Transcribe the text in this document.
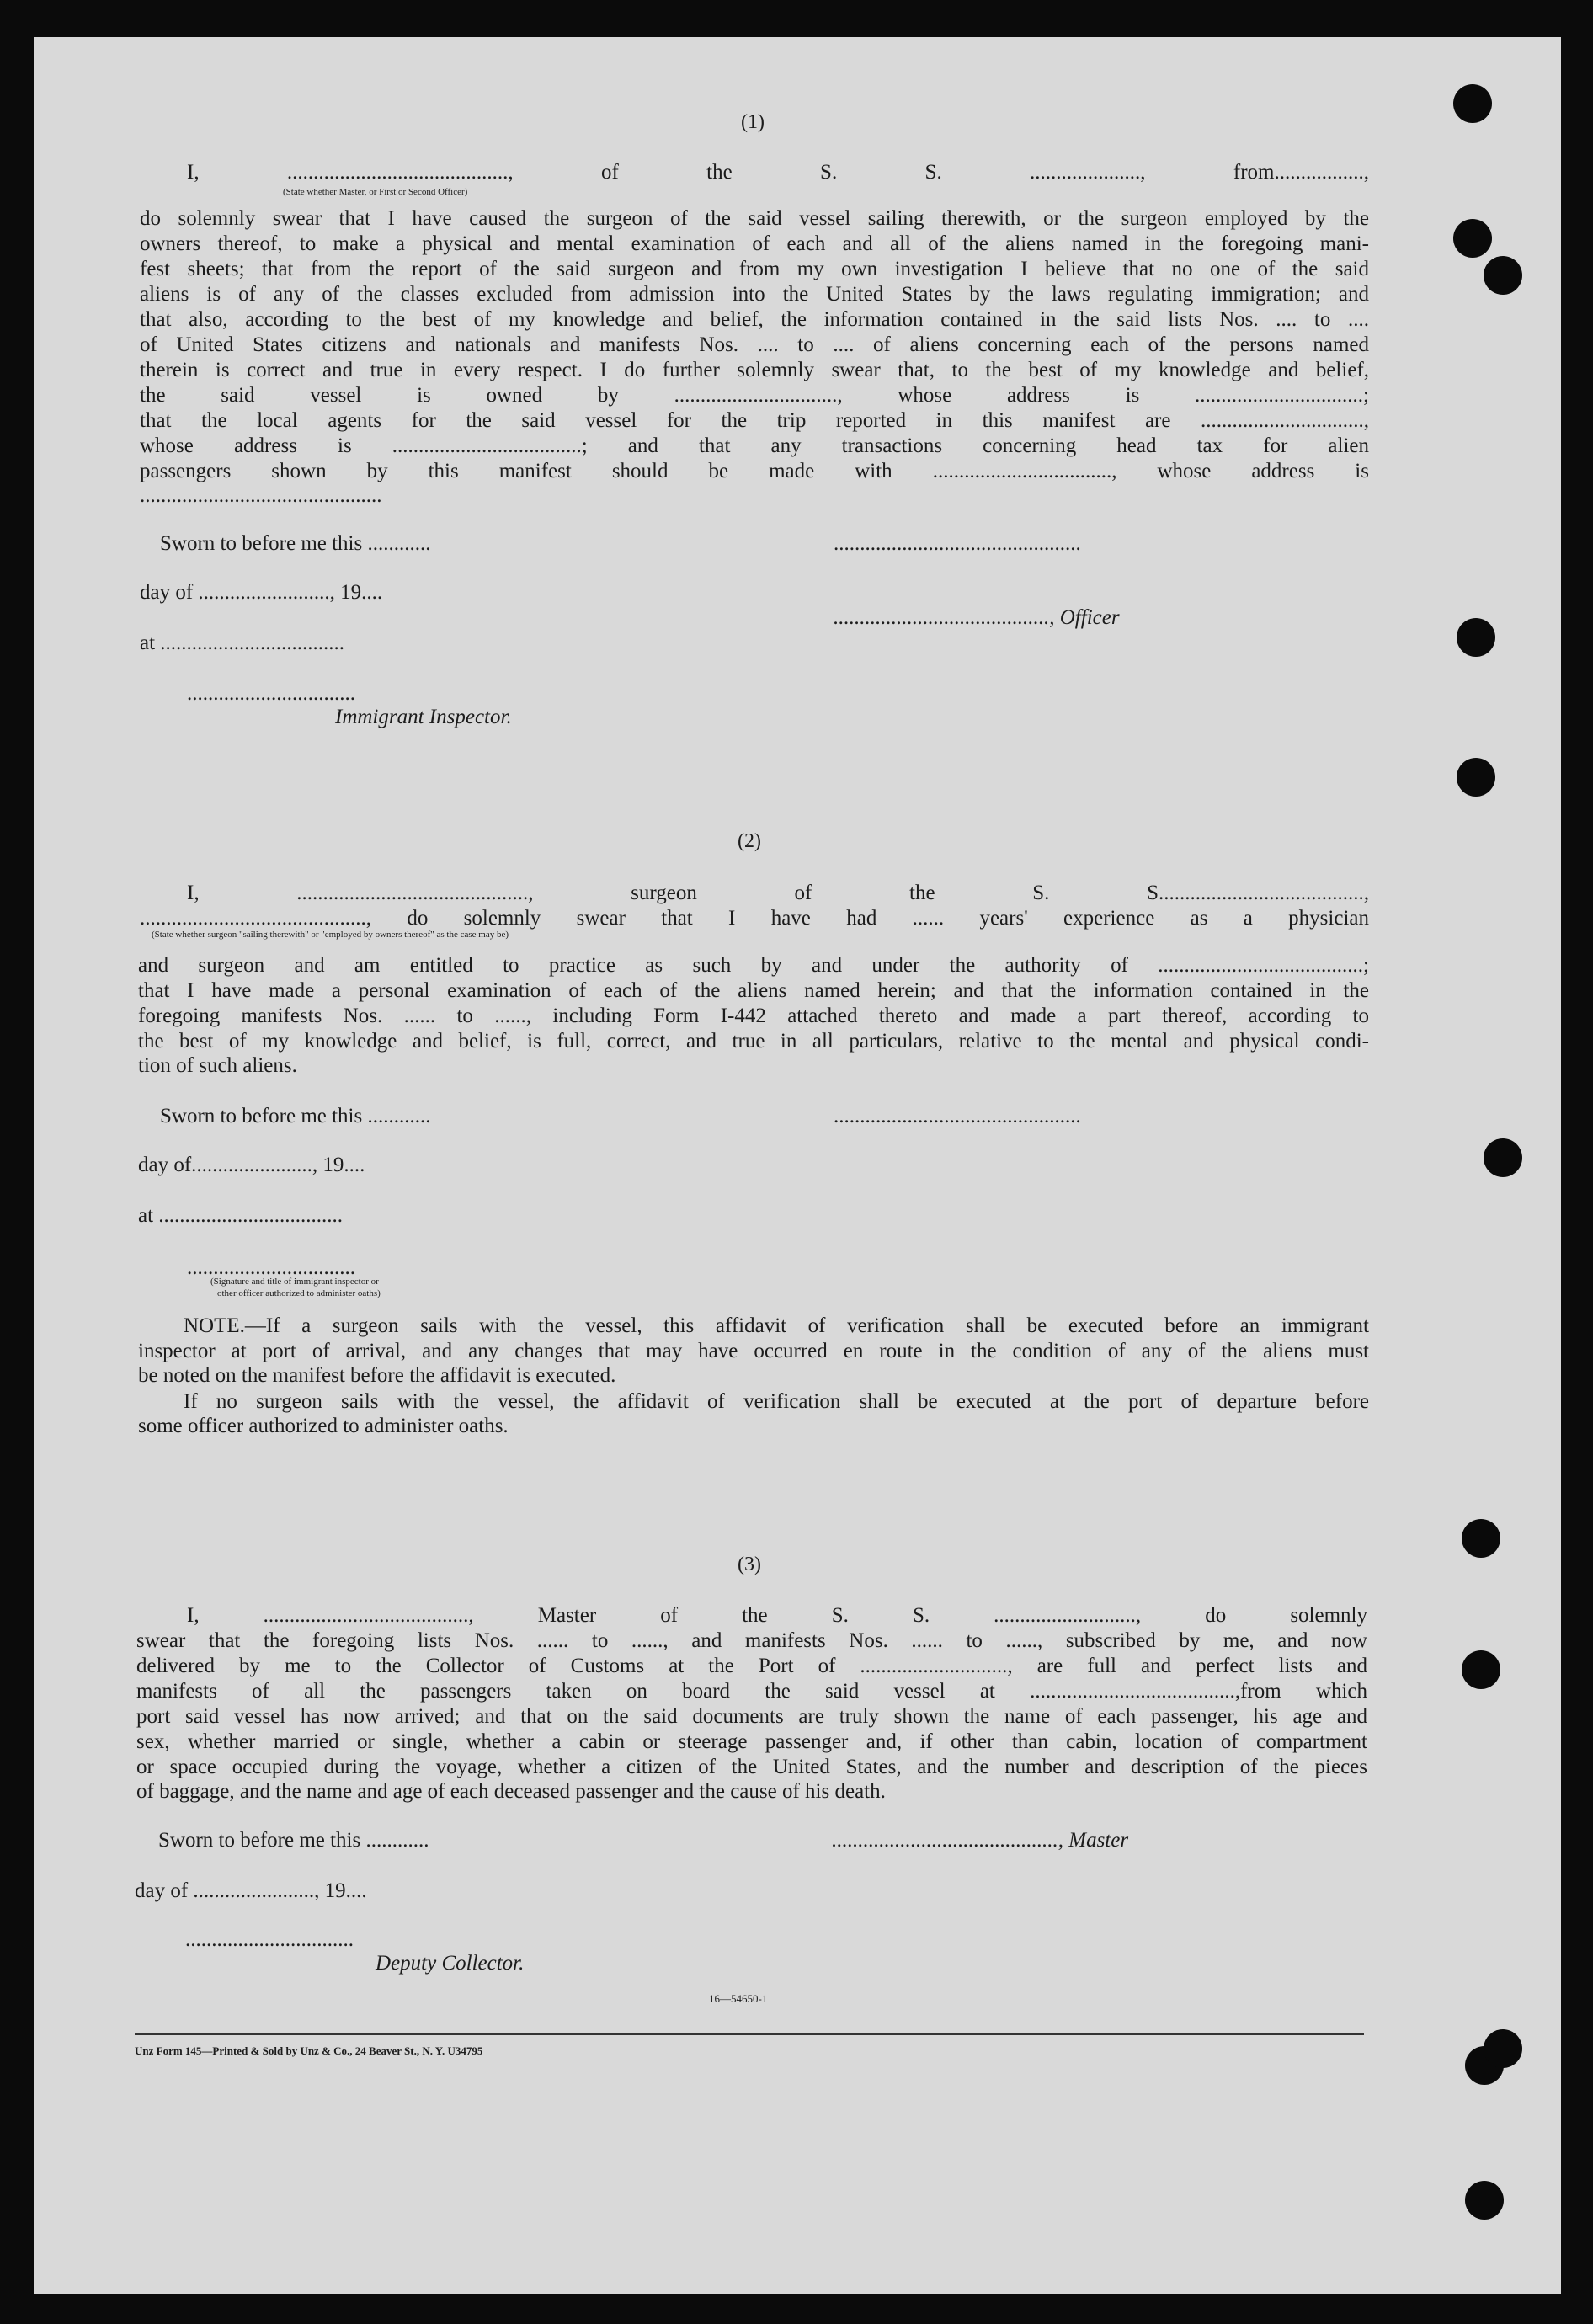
(1)
I, .........................................., of the S. S. ....................., from.................,
(State whether Master, or First or Second Officer)
do solemnly swear that I have caused the surgeon of the said vessel sailing therewith, or the surgeon employed by the
owners thereof, to make a physical and mental examination of each and all of the aliens named in the foregoing mani-
fest sheets; that from the report of the said surgeon and from my own investigation I believe that no one of the said
aliens is of any of the classes excluded from admission into the United States by the laws regulating immigration; and
that also, according to the best of my knowledge and belief, the information contained in the said lists Nos. .... to ....
of United States citizens and nationals and manifests Nos. .... to .... of aliens concerning each of the persons named
therein is correct and true in every respect. I do further solemnly swear that, to the best of my knowledge and belief,
the said vessel is owned by ..............................., whose address is ................................;
that the local agents for the said vessel for the trip reported in this manifest are ...............................,
whose address is ....................................; and that any transactions concerning head tax for alien
passengers shown by this manifest should be made with .................................., whose address is
..............................................
Sworn to before me this ............	...............................................
day of ........................., 19....
........................................., Officer
at ...................................
................................
Immigrant Inspector.
(2)
I, ............................................, surgeon of the S. S.......................................,
..........................................., do solemnly swear that I have had ...... years' experience as a physician
(State whether surgeon "sailing therewith" or "employed by owners thereof" as the case may be)
and surgeon and am entitled to practice as such by and under the authority of .......................................;
that I have made a personal examination of each of the aliens named herein; and that the information contained in the
foregoing manifests Nos. ...... to ......, including Form I-442 attached thereto and made a part thereof, according to
the best of my knowledge and belief, is full, correct, and true in all particulars, relative to the mental and physical condi-
tion of such aliens.
Sworn to before me this ............	...............................................
day of......................., 19....
at ...................................
................................
(Signature and title of immigrant inspector or
other officer authorized to administer oaths)
NOTE.—If a surgeon sails with the vessel, this affidavit of verification shall be executed before an immigrant
inspector at port of arrival, and any changes that may have occurred en route in the condition of any of the aliens must
be noted on the manifest before the affidavit is executed.
If no surgeon sails with the vessel, the affidavit of verification shall be executed at the port of departure before
some officer authorized to administer oaths.
(3)
I, ......................................., Master of the S. S. ..........................., do solemnly
swear that the foregoing lists Nos. ...... to ......, and manifests Nos. ...... to ......, subscribed by me, and now
delivered by me to the Collector of Customs at the Port of ............................, are full and perfect lists and
manifests of all the passengers taken on board the said vessel at .......................................,from which
port said vessel has now arrived; and that on the said documents are truly shown the name of each passenger, his age and
sex, whether married or single, whether a cabin or steerage passenger and, if other than cabin, location of compartment
or space occupied during the voyage, whether a citizen of the United States, and the number and description of the pieces
of baggage, and the name and age of each deceased passenger and the cause of his death.
Sworn to before me this ............	..........................................., Master
day of ......................., 19....
................................
Deputy Collector.
16—54650-1
Unz Form 145—Printed & Sold by Unz & Co., 24 Beaver St., N. Y. U34795
